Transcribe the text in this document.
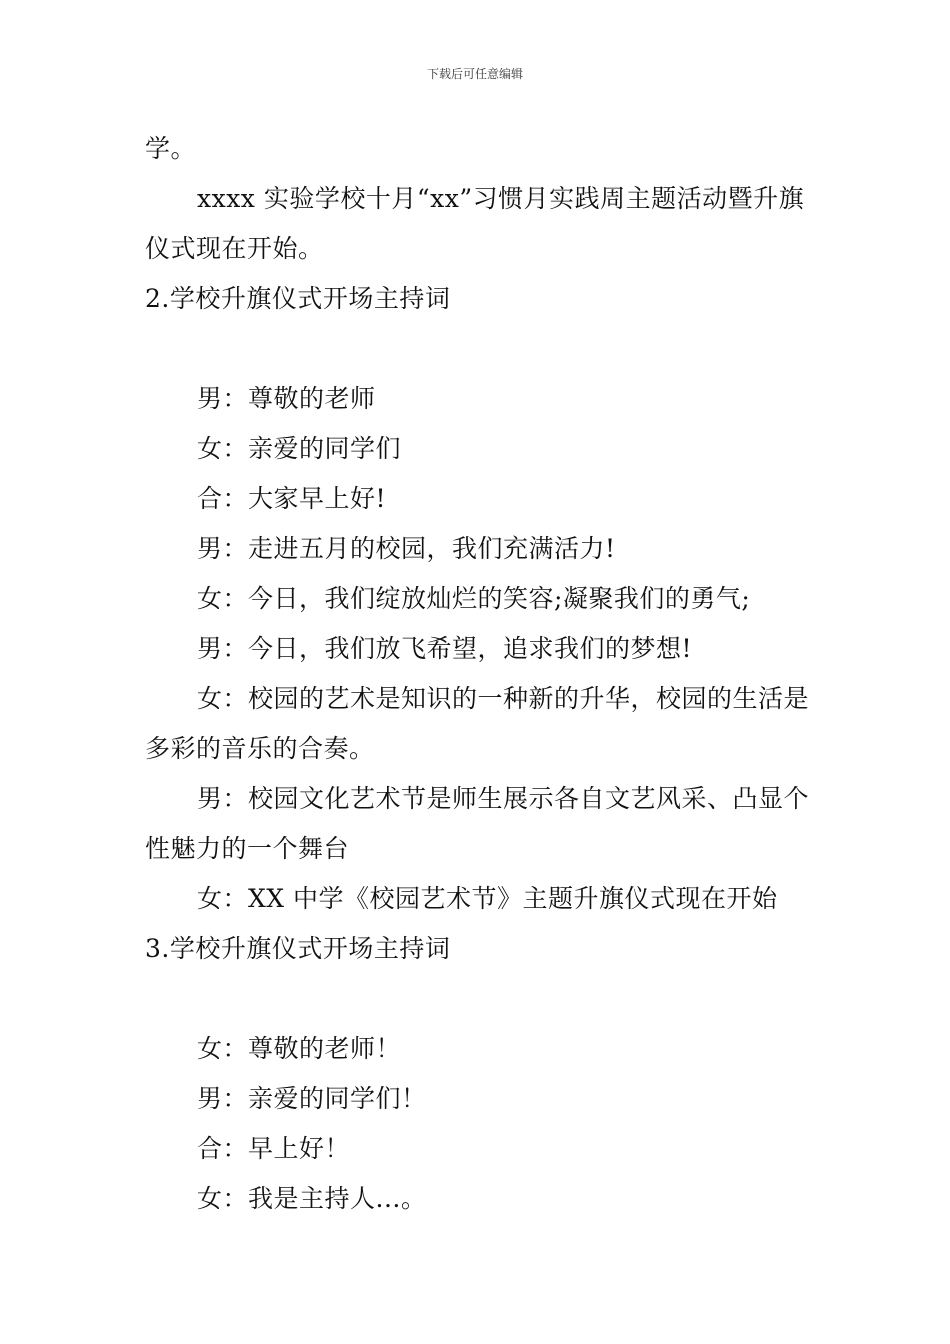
下载后可任意编辑

学。

xxxx 实验学校十月“xx”习惯月实践周主题活动暨升旗仪式现在开始。

2.学校升旗仪式开场主持词

男：尊敬的老师

女：亲爱的同学们

合：大家早上好!

男：走进五月的校园，我们充满活力!

女：今日，我们绽放灿烂的笑容;凝聚我们的勇气;

男：今日，我们放飞希望，追求我们的梦想!

女：校园的艺术是知识的一种新的升华，校园的生活是多彩的音乐的合奏。

男：校园文化艺术节是师生展示各自文艺风采、凸显个性魅力的一个舞台

女：XX 中学《校园艺术节》主题升旗仪式现在开始

3.学校升旗仪式开场主持词

女：尊敬的老师！

男：亲爱的同学们！

合：早上好！

女：我是主持人...。
